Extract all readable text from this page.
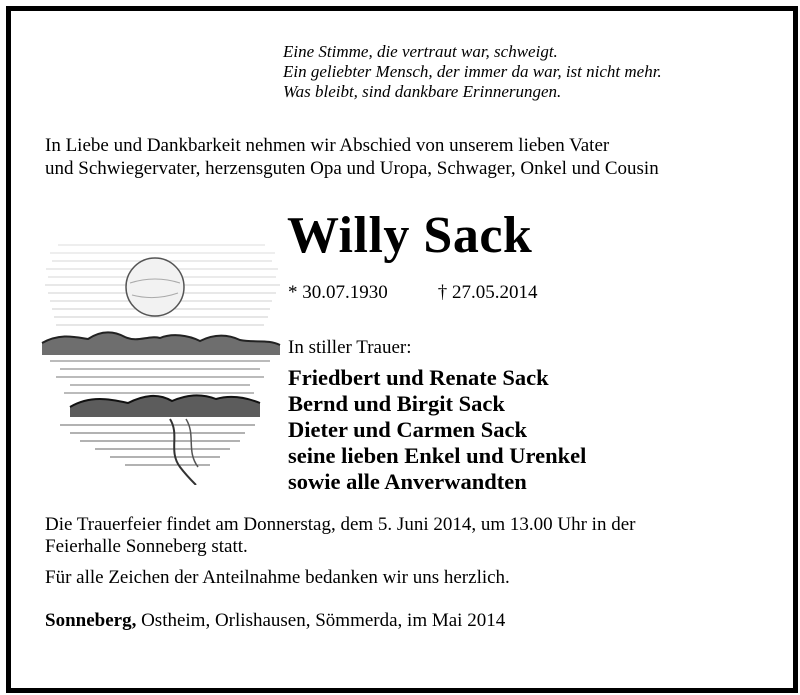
Eine Stimme, die vertraut war, schweigt.
Ein geliebter Mensch, der immer da war, ist nicht mehr.
Was bleibt, sind dankbare Erinnerungen.
In Liebe und Dankbarkeit nehmen wir Abschied von unserem lieben Vater
und Schwiegervater, herzensguten Opa und Uropa, Schwager, Onkel und Cousin
Willy Sack
* 30.07.1930	† 27.05.2014
In stiller Trauer:
Friedbert und Renate Sack
Bernd und Birgit Sack
Dieter und Carmen Sack
seine lieben Enkel und Urenkel
sowie alle Anverwandten
Die Trauerfeier findet am Donnerstag, dem 5. Juni 2014, um 13.00 Uhr in der
Feierhalle Sonneberg statt.
Für alle Zeichen der Anteilnahme bedanken wir uns herzlich.
Sonneberg, Ostheim, Orlishausen, Sömmerda, im Mai 2014
